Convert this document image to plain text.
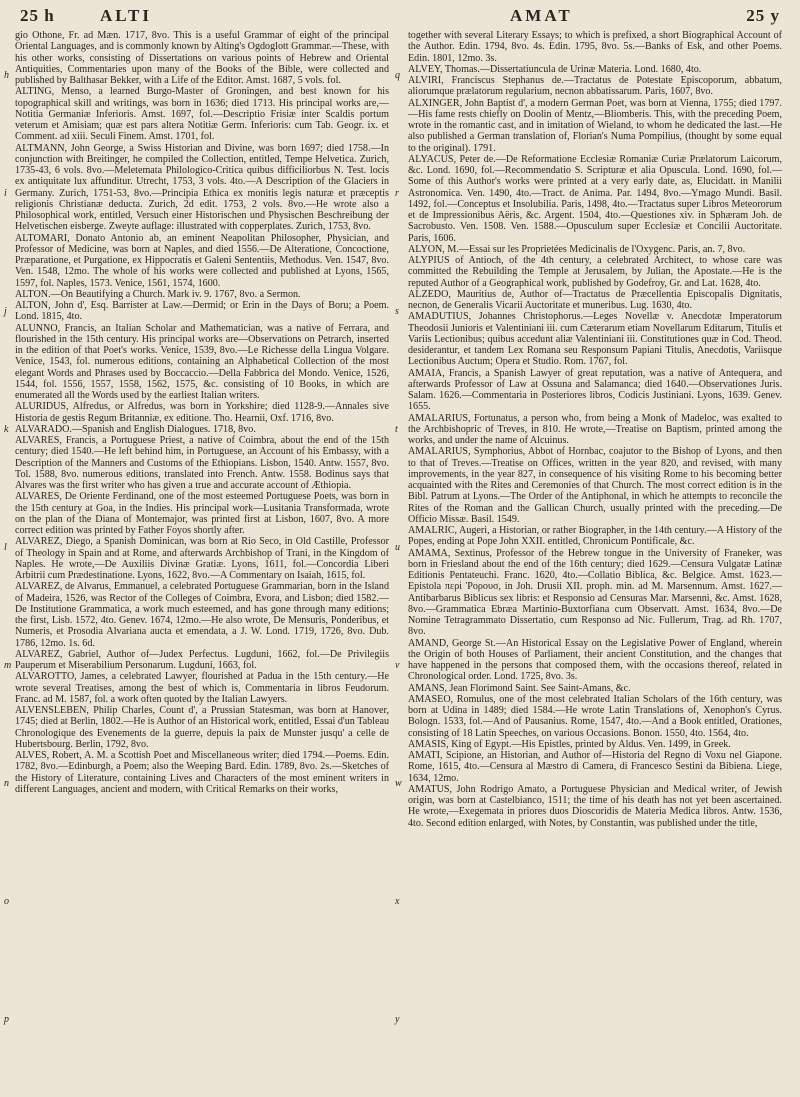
25 h	ALTI	AMAT	25 y
h
i
j
k
l
m
n
o
p
q
r
s
t
u
v
w
x
y

gio Othone, Fr. ad Mæn. 1717, 8vo. This is a useful Grammar of eight of the principal Oriental Languages, and is commonly known by Alting's Ogdoglott Grammar.—These, with his other works, consisting of Dissertations on various points of Hebrew and Oriental Antiquities, Commentaries upon many of the Books of the Bible, were collected and published by Balthasar Bekker, with a Life of the Editor. Amst. 1687, 5 vols. fol.

ALTING, Menso, a learned Burgo-Master of Groningen, and best known for his topographical skill and writings, was born in 1636; died 1713. His principal works are,—Notitia Germaniæ Inferioris. Amst. 1697, fol.—Descriptio Frisiæ inter Scaldis portum veterum et Amisiam; quæ est pars altera Notitiæ Germ. Inferioris: cum Tab. Geogr. ix. et Comment. ad xiii. Seculi Finem. Amst. 1701, fol.

ALTMANN, John George, a Swiss Historian and Divine, was born 1697; died 1758.—In conjunction with Breitinger, he compiled the Collection, entitled, Tempe Helvetica. Zurich, 1735-43, 6 vols. 8vo.—Meletemata Philologico-Critica quibus difficiliorbus N. Test. locis ex antiquitate lux affunditur. Utrecht, 1753, 3 vols. 4to.—A Description of the Glaciers in Germany. Zurich, 1751-53, 8vo.—Principia Ethica ex monitis legis naturæ et præceptis religionis Christianæ deducta. Zurich, 2d edit. 1753, 2 vols. 8vo.—He wrote also a Philosophical work, entitled, Versuch einer Historischen und Physischen Beschreibung der Helvetischen eisberge. Zweyte auflage: illustrated with copperplates. Zurich, 1753, 8vo.

ALTOMARI, Donato Antonio ab, an eminent Neapolitan Philosopher, Physician, and Professor of Medicine, was born at Naples, and died 1556.—De Alteratione, Concoctione, Præparatione, et Purgatione, ex Hippocratis et Galeni Sententiis, Methodus. Ven. 1547, 8vo. Ven. 1548, 12mo. The whole of his works were collected and published at Lyons, 1565, 1597, fol. Naples, 1573. Venice, 1561, 1574, 1600.

ALTON.—On Beautifying a Church. Mark iv. 9. 1767, 8vo. a Sermon.

ALTON, John d', Esq. Barrister at Law.—Dermid; or Erin in the Days of Boru; a Poem. Lond. 1815, 4to.

ALUNNO, Francis, an Italian Scholar and Mathematician, was a native of Ferrara, and flourished in the 15th century. His principal works are—Observations on Petrarch, inserted in the edition of that Poet's works. Venice, 1539, 8vo.—Le Richesse della Lingua Volgare. Venice, 1543, fol. numerous editions, containing an Alphabetical Collection of the most elegant Words and Phrases used by Boccaccio.—Della Fabbrica del Mondo. Venice, 1526, 1544, fol. 1556, 1557, 1558, 1562, 1575, &c. consisting of 10 Books, in which are enumerated all the Words used by the earliest Italian writers.

ALURIDUS, Alfredus, or Alfredus, was born in Yorkshire; died 1128-9.—Annales sive Historia de gestis Regum Britanniæ, ex editione. Tho. Hearnii, Oxf. 1716, 8vo.

ALVARADO.—Spanish and English Dialogues. 1718, 8vo.

ALVARES, Francis, a Portuguese Priest, a native of Coimbra, about the end of the 15th century; died 1540.—He left behind him, in Portuguese, an Account of his Embassy, with a Description of the Manners and Customs of the Ethiopians. Lisbon, 1540. Antw. 1557, 8vo. Tol. 1588, 8vo. numerous editions, translated into French. Antw. 1558. Bodinus says that Alvares was the first writer who has given a true and accurate account of Æthiopia.

ALVARES, De Oriente Ferdinand, one of the most esteemed Portuguese Poets, was born in the 15th century at Goa, in the Indies. His principal work—Lusitania Transformada, wrote on the plan of the Diana of Montemajor, was printed first at Lisbon, 1607, 8vo. A more correct edition was printed by Father Foyos shortly after.

ALVAREZ, Diego, a Spanish Dominican, was born at Rio Seco, in Old Castille, Professor of Theology in Spain and at Rome, and afterwards Archbishop of Trani, in the Kingdom of Naples. He wrote,—De Auxiliis Divinæ Gratiæ. Lyons, 1611, fol.—Concordia Liberi Arbitrii cum Prædestinatione. Lyons, 1622, 8vo.—A Commentary on Isaiah, 1615, fol.

ALVAREZ, de Alvarus, Emmanuel, a celebrated Portuguese Grammarian, born in the Island of Madeira, 1526, was Rector of the Colleges of Coimbra, Evora, and Lisbon; died 1582.—De Institutione Grammatica, a work much esteemed, and has gone through many editions; the first, Lisb. 1572, 4to. Genev. 1674, 12mo.—He also wrote, De Mensuris, Ponderibus, et Numeris, et Prosodia Alvariana aucta et emendata, a J. W. Lond. 1719, 1726, 8vo. Dub. 1786, 12mo. 1s. 6d.

ALVAREZ, Gabriel, Author of—Judex Perfectus. Lugduni, 1662, fol.—De Privilegiis Pauperum et Miserabilium Personarum. Lugduni, 1663, fol.

ALVAROTTO, James, a celebrated Lawyer, flourished at Padua in the 15th century.—He wrote several Treatises, among the best of which is, Commentaria in libros Feudorum. Franc. ad M. 1587, fol. a work often quoted by the Italian Lawyers.

ALVENSLEBEN, Philip Charles, Count d', a Prussian Statesman, was born at Hanover, 1745; died at Berlin, 1802.—He is Author of an Historical work, entitled, Essai d'un Tableau Chronologique des Evenements de la guerre, depuis la paix de Munster jusqu' a celle de Hubertsbourg. Berlin, 1792, 8vo.

ALVES, Robert, A. M. a Scottish Poet and Miscellaneous writer; died 1794.—Poems. Edin. 1782, 8vo.—Edinburgh, a Poem; also the Weeping Bard. Edin. 1789, 8vo. 2s.—Sketches of the History of Literature, containing Lives and Characters of the most eminent writers in different Languages, ancient and modern, with Critical Remarks on their works,

together with several Literary Essays; to which is prefixed, a short Biographical Account of the Author. Edin. 1794, 8vo. 4s. Edin. 1795, 8vo. 5s.—Banks of Esk, and other Poems. Edin. 1801, 12mo. 3s.

ALVEY, Thomas.—Dissertatiuncula de Urinæ Materia. Lond. 1680, 4to.

ALVIRI, Franciscus Stephanus de.—Tractatus de Potestate Episcoporum, abbatum, aliorumque prælatorum regularium, necnon abbatissarum. Paris, 1607, 8vo.

ALXINGER, John Baptist d', a modern German Poet, was born at Vienna, 1755; died 1797.—His fame rests chiefly on Doolin of Mentz,—Bliomberis. This, with the preceding Poem, wrote in the romantic cast, and in imitation of Wieland, to whom he dedicated the last.—He also published a German translation of, Florian's Numa Pompilius, (thought by some equal to the original). 1791.

ALYACUS, Peter de.—De Reformatione Ecclesiæ Romaniæ Curiæ Prælatorum Laicorum, &c. Lond. 1690, fol.—Recommendatio S. Scripturæ et alia Opuscula. Lond. 1690, fol.—Some of this Author's works were printed at a very early date, as, Elucidatt. in Manilii Astronomica. Ven. 1490, 4to.—Tract. de Anima. Par. 1494, 8vo.—Ymago Mundi. Basil. 1492, fol.—Conceptus et Insolubilia. Paris, 1498, 4to.—Tractatus super Libros Meteororum et de Impressionibus Aëris, &c. Argent. 1504, 4to.—Questiones xiv. in Sphæram Joh. de Sacrobusto. Ven. 1508. Ven. 1588.—Opusculum super Ecclesiæ et Concilii Auctoritate. Paris, 1606.

ALYON, M.—Essai sur les Proprietées Medicinalis de l'Oxygenc. Paris, an. 7, 8vo.

ALYPIUS of Antioch, of the 4th century, a celebrated Architect, to whose care was committed the Rebuilding the Temple at Jerusalem, by Julian, the Apostate.—He is the reputed Author of a Geographical work, published by Godefroy, Gr. and Lat. 1628, 4to.

ALZEDO, Mauritius de, Author of—Tractatus de Præcellentia Episcopalis Dignitatis, necnon, de Generalis Vicarii Auctoritate et muneribus. Lug. 1630, 4to.

AMADUTIUS, Johannes Christophorus.—Leges Novellæ v. Anecdotæ Imperatorum Theodosii Junioris et Valentiniani iii. cum Cæterarum etiam Novellarum Editarum, Titulis et Variis Lectionibus; quibus accedunt aliæ Valentiniani iii. Constitutiones quæ in Cod. Theod. desiderantur, et tandem Lex Romana seu Responsum Papiani Titulis, Anecdotis, Variisque Lectionibus Auctum; Opera et Studio. Rom. 1767, fol.

AMAIA, Francis, a Spanish Lawyer of great reputation, was a native of Antequera, and afterwards Professor of Law at Ossuna and Salamanca; died 1640.—Observationes Juris. Salam. 1626.—Commentaria in Posteriores libros, Codicis Justiniani. Lyons, 1639. Genev. 1655.

AMALARIUS, Fortunatus, a person who, from being a Monk of Madeloc, was exalted to the Archbishopric of Treves, in 810. He wrote,—Treatise on Baptism, printed among the works, and under the name of Alcuinus.

AMALARIUS, Symphorius, Abbot of Hornbac, coajutor to the Bishop of Lyons, and then to that of Treves.—Treatise on Offices, written in the year 820, and revised, with many improvements, in the year 827, in consequence of his visiting Rome to his becoming better acquainted with the Rites and Ceremonies of that Church. The most correct edition is in the Bibl. Patrum at Lyons.—The Order of the Antiphonal, in which he attempts to reconcile the Rites of the Roman and the Gallican Church, usually printed with the preceding.—De Officio Missæ. Basil. 1549.

AMALRIC, Augeri, a Historian, or rather Biographer, in the 14th century.—A History of the Popes, ending at Pope John XXII. entitled, Chronicum Pontificale, &c.

AMAMA, Sextinus, Professor of the Hebrew tongue in the University of Franeker, was born in Friesland about the end of the 16th century; died 1629.—Censura Vulgatæ Latinæ Editionis Pentateuchi. Franc. 1620, 4to.—Collatio Biblica, &c. Belgice. Amst. 1623.—Epistola περὶ Ῥορουσ, in Joh. Drusii XII. proph. min. ad M. Marsennum. Amst. 1627.—Antibarbarus Biblicus sex libris: et Responsio ad Censuras Mar. Marsenni, &c. Amst. 1628, 8vo.—Grammatica Ebræa Martinio-Buxtorfiana cum Observatt. Amst. 1634, 8vo.—De Nomine Tetragrammato Dissertatio, cum Responso ad Nic. Fullerum, Trag. ad Rh. 1707, 8vo.

AMAND, George St.—An Historical Essay on the Legislative Power of England, wherein the Origin of both Houses of Parliament, their ancient Constitution, and the changes that have happened in the persons that composed them, with the occasions thereof, related in Chronological order. Lond. 1725, 8vo. 3s.

AMANS, Jean Florimond Saint. See Saint-Amans, &c.

AMASEO, Romulus, one of the most celebrated Italian Scholars of the 16th century, was born at Udina in 1489; died 1584.—He wrote Latin Translations of, Xenophon's Cyrus. Bologn. 1533, fol.—And of Pausanius. Rome, 1547, 4to.—And a Book entitled, Orationes, consisting of 18 Latin Speeches, on various Occasions. Bonon. 1550, 4to. 1564, 4to.

AMASIS, King of Egypt.—His Epistles, printed by Aldus. Ven. 1499, in Greek.

AMATI, Scipione, an Historian, and Author of—Historia del Regno di Voxu nel Giapone. Rome, 1615, 4to.—Censura al Mæstro di Camera, di Francesco Sestini da Bibiena. Liege, 1634, 12mo.

AMATUS, John Rodrigo Amato, a Portuguese Physician and Medical writer, of Jewish origin, was born at Castelbianco, 1511; the time of his death has not yet been ascertained. He wrote,—Exegemata in priores duos Dioscoridis de Materia Medica libros. Antw. 1536, 4to. Second edition enlarged, with Notes, by Constantin, was published under the title,
